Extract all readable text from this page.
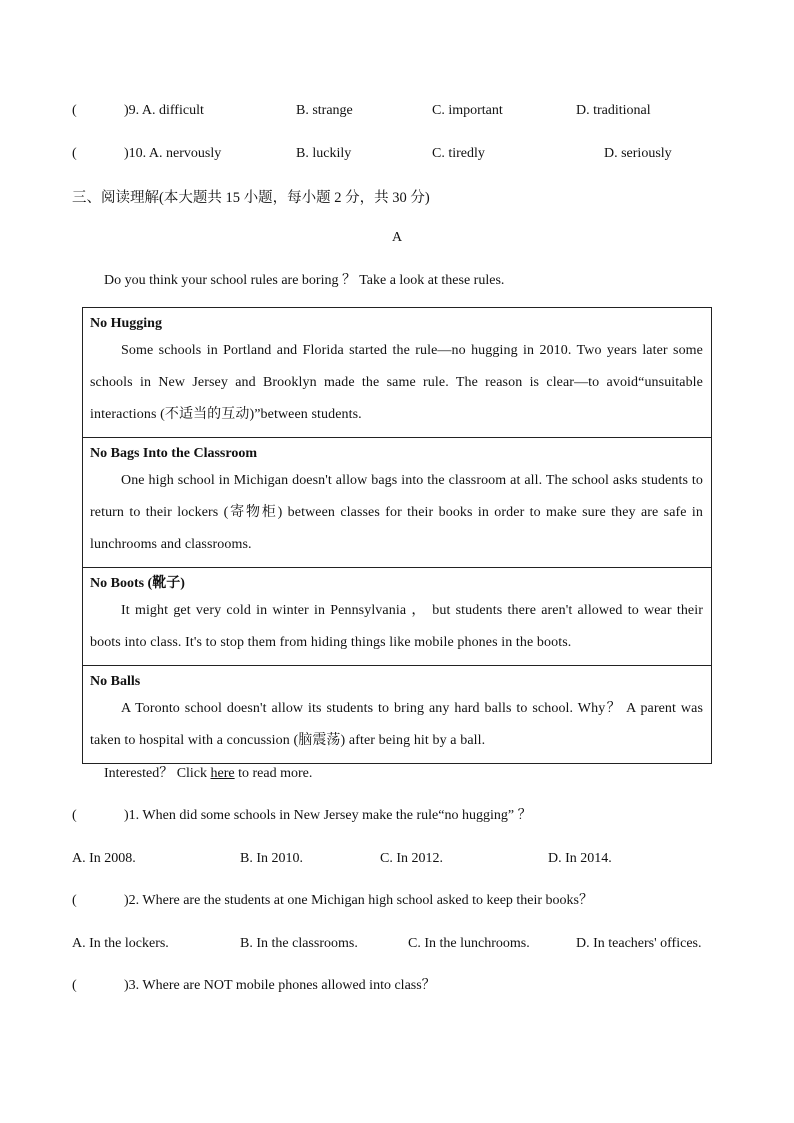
(	)9. A. difficult	B. strange	C. important	D. traditional
(	)10. A. nervously	B. luckily	C. tiredly	D. seriously
三、阅读理解(本大题共 15 小题，每小题 2 分，共 30 分)
A
Do you think your school rules are boring ？ Take a look at these rules.
No Hugging
Some schools in Portland and Florida started the rule—no hugging in 2010. Two years later some schools in New Jersey and Brooklyn made the same rule. The reason is clear—to avoid“unsuitable interactions (不适当的互动)”between students.

No Bags Into the Classroom
One high school in Michigan doesn't allow bags into the classroom at all. The school asks students to return to their lockers (寄物柜) between classes for their books in order to make sure they are safe in lunchrooms and classrooms.

No Boots (靴子)
It might get very cold in winter in Pennsylvania ， but students there aren't allowed to wear their boots into class. It's to stop them from hiding things like mobile phones in the boots.

No Balls
A Toronto school doesn't allow its students to bring any hard balls to school. Why？ A parent was taken to hospital with a concussion (脑震荡) after being hit by a ball.
Interested？ Click here to read more.
(	)1. When did some schools in New Jersey make the rule“no hugging” ？
A. In 2008.	B. In 2010.	C. In 2012.	D. In 2014.
(	)2. Where are the students at one Michigan high school asked to keep their books？
A. In the lockers.	B. In the classrooms.	C. In the lunchrooms.	D. In teachers' offices.
(	)3. Where are NOT mobile phones allowed into class？
